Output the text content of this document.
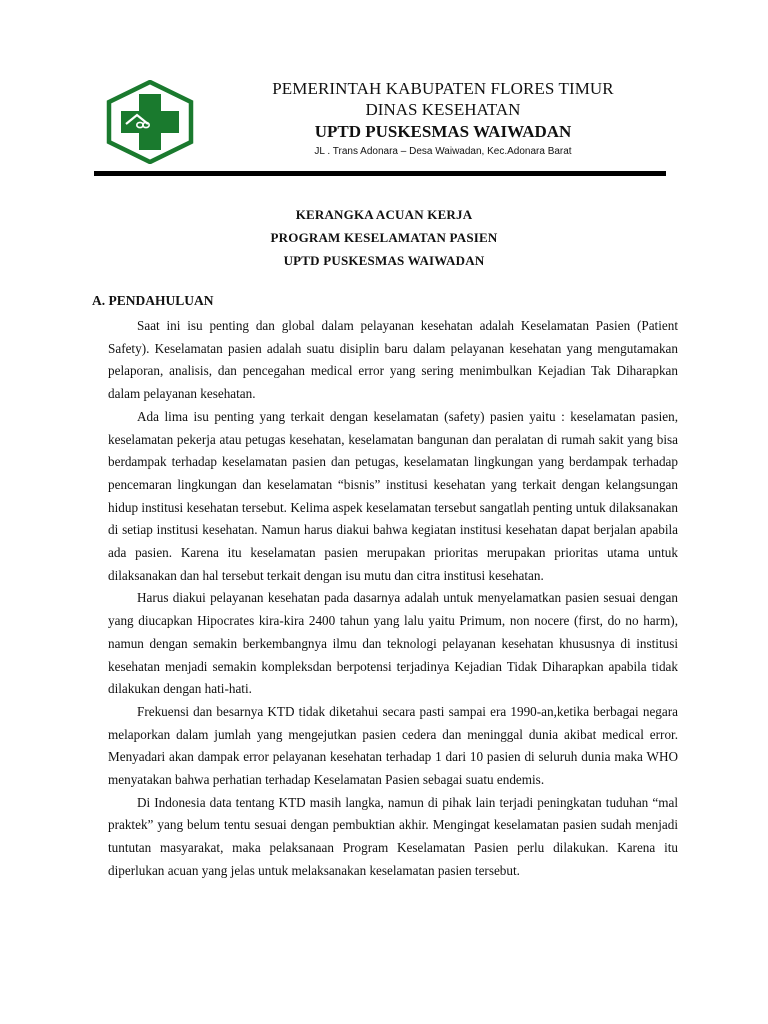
PEMERINTAH KABUPATEN FLORES TIMUR
DINAS KESEHATAN
UPTD PUSKESMAS WAIWADAN
JL . Trans Adonara – Desa Waiwadan, Kec.Adonara Barat
KERANGKA ACUAN KERJA
PROGRAM KESELAMATAN PASIEN
UPTD PUSKESMAS WAIWADAN
A. PENDAHULUAN

Saat ini isu penting dan global dalam pelayanan kesehatan adalah Keselamatan Pasien (Patient Safety). Keselamatan pasien adalah suatu disiplin baru dalam pelayanan kesehatan yang mengutamakan pelaporan, analisis, dan pencegahan medical error yang sering menimbulkan Kejadian Tak Diharapkan dalam pelayanan kesehatan.

Ada lima isu penting yang terkait dengan keselamatan (safety) pasien yaitu : keselamatan pasien, keselamatan pekerja atau petugas kesehatan, keselamatan bangunan dan peralatan di rumah sakit yang bisa berdampak terhadap keselamatan pasien dan petugas, keselamatan lingkungan yang berdampak terhadap pencemaran lingkungan dan keselamatan “bisnis” institusi kesehatan yang terkait dengan kelangsungan hidup institusi kesehatan tersebut. Kelima aspek keselamatan tersebut sangatlah penting untuk dilaksanakan di setiap institusi kesehatan. Namun harus diakui bahwa kegiatan institusi kesehatan dapat berjalan apabila ada pasien. Karena itu keselamatan pasien merupakan prioritas merupakan prioritas utama untuk dilaksanakan dan hal tersebut terkait dengan isu mutu dan citra institusi kesehatan.

Harus diakui pelayanan kesehatan pada dasarnya adalah untuk menyelamatkan pasien sesuai dengan yang diucapkan Hipocrates kira-kira 2400 tahun yang lalu yaitu Primum, non nocere (first, do no harm), namun dengan semakin berkembangnya ilmu dan teknologi pelayanan kesehatan khususnya di institusi kesehatan menjadi semakin kompleksdan berpotensi terjadinya Kejadian Tidak Diharapkan apabila tidak dilakukan dengan hati-hati.

Frekuensi dan besarnya KTD tidak diketahui secara pasti sampai era 1990-an,ketika berbagai negara melaporkan dalam jumlah yang mengejutkan pasien cedera dan meninggal dunia akibat medical error. Menyadari akan dampak error pelayanan kesehatan terhadap 1 dari 10 pasien di seluruh dunia maka WHO menyatakan bahwa perhatian terhadap Keselamatan Pasien sebagai suatu endemis.

Di Indonesia data tentang KTD masih langka, namun di pihak lain terjadi peningkatan tuduhan “mal praktek” yang belum tentu sesuai dengan pembuktian akhir. Mengingat keselamatan pasien sudah menjadi tuntutan masyarakat, maka pelaksanaan Program Keselamatan Pasien perlu dilakukan. Karena itu diperlukan acuan yang jelas untuk melaksanakan keselamatan pasien tersebut.
